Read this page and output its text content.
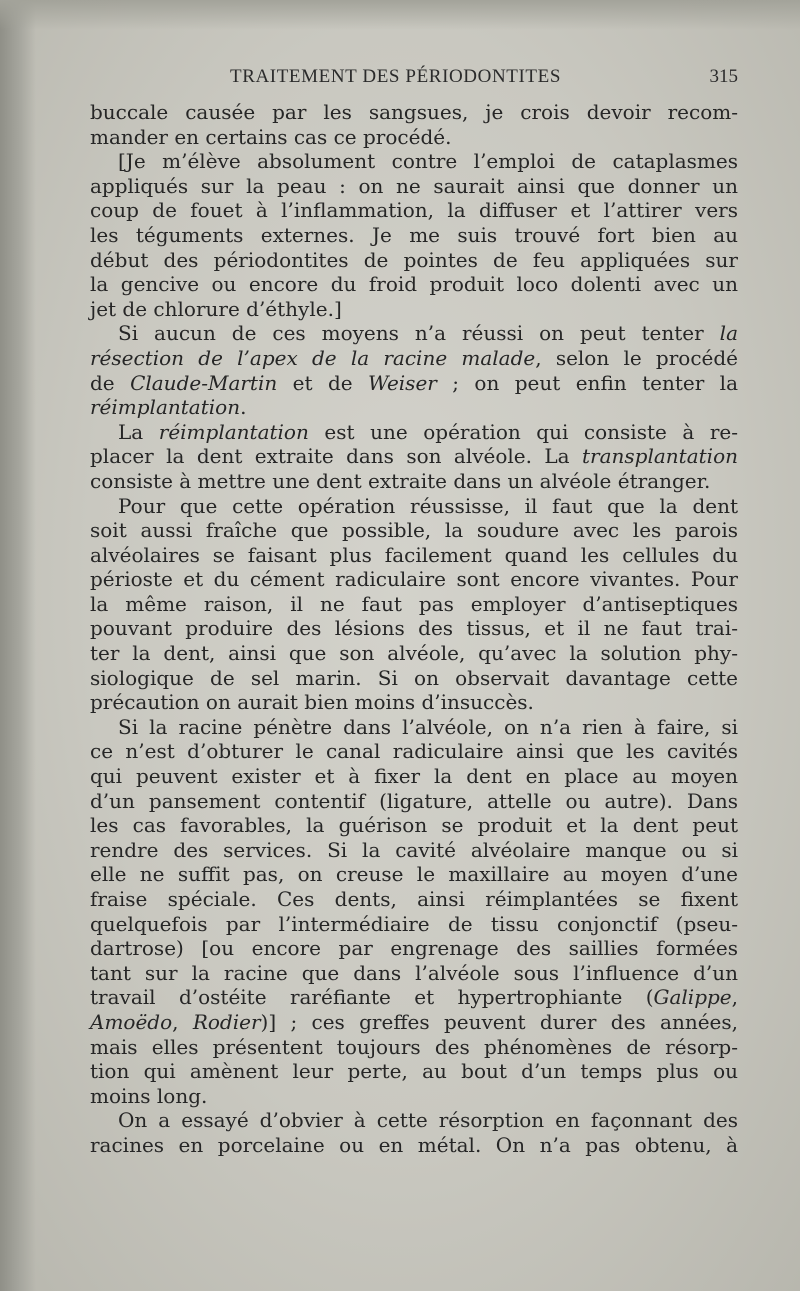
TRAITEMENT DES PÉRIODONTITES	315
buccale causée par les sangsues, je crois devoir recom-
mander en certains cas ce procédé.
[Je m’élève absolument contre l’emploi de cataplasmes
appliqués sur la peau : on ne saurait ainsi que donner un
coup de fouet à l’inflammation, la diffuser et l’attirer vers
les téguments externes. Je me suis trouvé fort bien au
début des périodontites de pointes de feu appliquées sur
la gencive ou encore du froid produit loco dolenti avec un
jet de chlorure d’éthyle.]
Si aucun de ces moyens n’a réussi on peut tenter la
résection de l’apex de la racine malade, selon le procédé
de Claude-Martin et de Weiser ; on peut enfin tenter la
réimplantation.
La réimplantation est une opération qui consiste à re-
placer la dent extraite dans son alvéole. La transplantation
consiste à mettre une dent extraite dans un alvéole étranger.
Pour que cette opération réussisse, il faut que la dent
soit aussi fraîche que possible, la soudure avec les parois
alvéolaires se faisant plus facilement quand les cellules du
périoste et du cément radiculaire sont encore vivantes. Pour
la même raison, il ne faut pas employer d’antiseptiques
pouvant produire des lésions des tissus, et il ne faut trai-
ter la dent, ainsi que son alvéole, qu’avec la solution phy-
siologique de sel marin. Si on observait davantage cette
précaution on aurait bien moins d’insuccès.
Si la racine pénètre dans l’alvéole, on n’a rien à faire, si
ce n’est d’obturer le canal radiculaire ainsi que les cavités
qui peuvent exister et à fixer la dent en place au moyen
d’un pansement contentif (ligature, attelle ou autre). Dans
les cas favorables, la guérison se produit et la dent peut
rendre des services. Si la cavité alvéolaire manque ou si
elle ne suffit pas, on creuse le maxillaire au moyen d’une
fraise spéciale. Ces dents, ainsi réimplantées se fixent
quelquefois par l’intermédiaire de tissu conjonctif (pseu-
dartrose) [ou encore par engrenage des saillies formées
tant sur la racine que dans l’alvéole sous l’influence d’un
travail d’ostéite raréfiante et hypertrophiante (Galippe,
Amoëdo, Rodier)] ; ces greffes peuvent durer des années,
mais elles présentent toujours des phénomènes de résorp-
tion qui amènent leur perte, au bout d’un temps plus ou
moins long.
On a essayé d’obvier à cette résorption en façonnant des
racines en porcelaine ou en métal. On n’a pas obtenu, à
